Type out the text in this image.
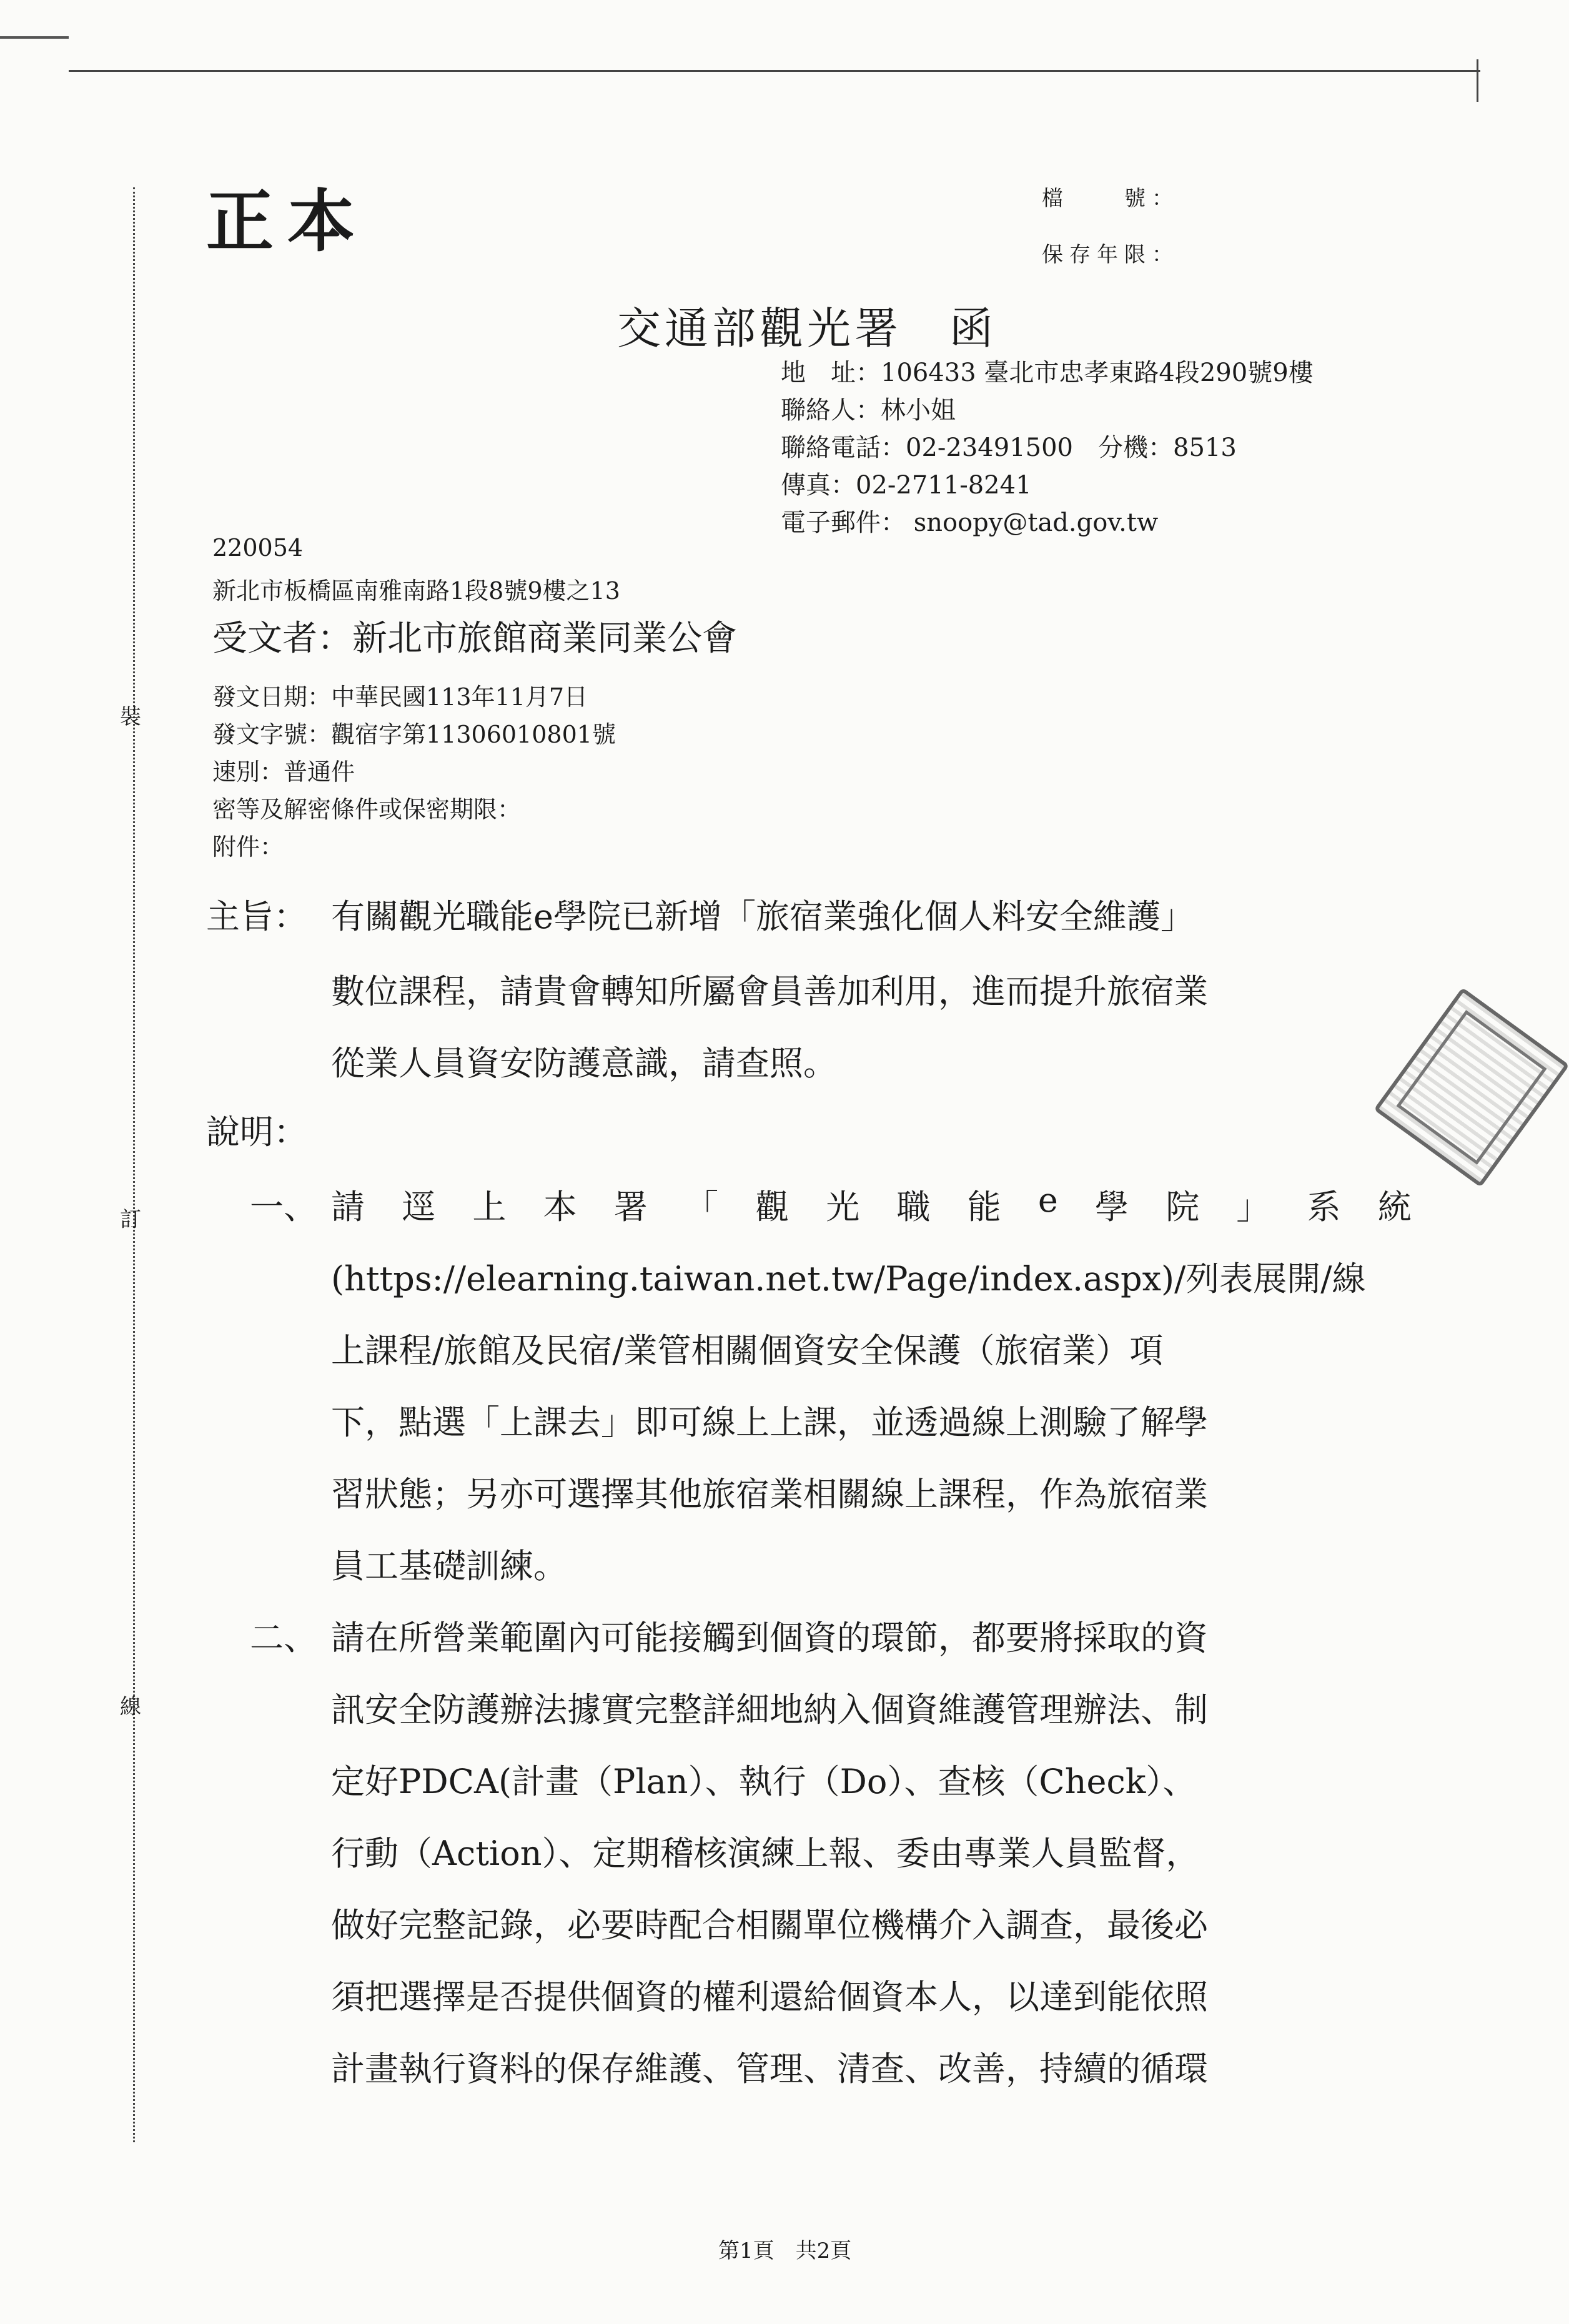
裝
訂
線
正本	檔　　號：
保存年限：
交通部觀光署　函
地　址：106433 臺北市忠孝東路4段290號9樓
聯絡人：林小姐
聯絡電話：02-23491500　分機：8513
傳真：02-2711-8241
電子郵件： snoopy@tad.gov.tw
220054
新北市板橋區南雅南路1段8號9樓之13
受文者：新北市旅館商業同業公會
發文日期：中華民國113年11月7日
發文字號：觀宿字第11306010801號
速別：普通件
密等及解密條件或保密期限：
附件：
主旨： 有關觀光職能e學院已新增「旅宿業強化個人料安全維護」
數位課程，請貴會轉知所屬會員善加利用，進而提升旅宿業
從業人員資安防護意識，請查照。
說明：
一、 請 逕 上 本 署 「 觀 光 職 能 e 學 院 」 系 統
(https://elearning.taiwan.net.tw/Page/index.aspx)/列表展開/線
上課程/旅館及民宿/業管相關個資安全保護（旅宿業）項
下，點選「上課去」即可線上上課，並透過線上測驗了解學
習狀態；另亦可選擇其他旅宿業相關線上課程，作為旅宿業
員工基礎訓練。
二、 請在所營業範圍內可能接觸到個資的環節，都要將採取的資
訊安全防護辦法據實完整詳細地納入個資維護管理辦法、制
定好PDCA(計畫（Plan）、執行（Do）、查核（Check）、
行動（Action）、定期稽核演練上報、委由專業人員監督，
做好完整記錄，必要時配合相關單位機構介入調查，最後必
須把選擇是否提供個資的權利還給個資本人，以達到能依照
計畫執行資料的保存維護、管理、清查、改善，持續的循環
第1頁　共2頁
